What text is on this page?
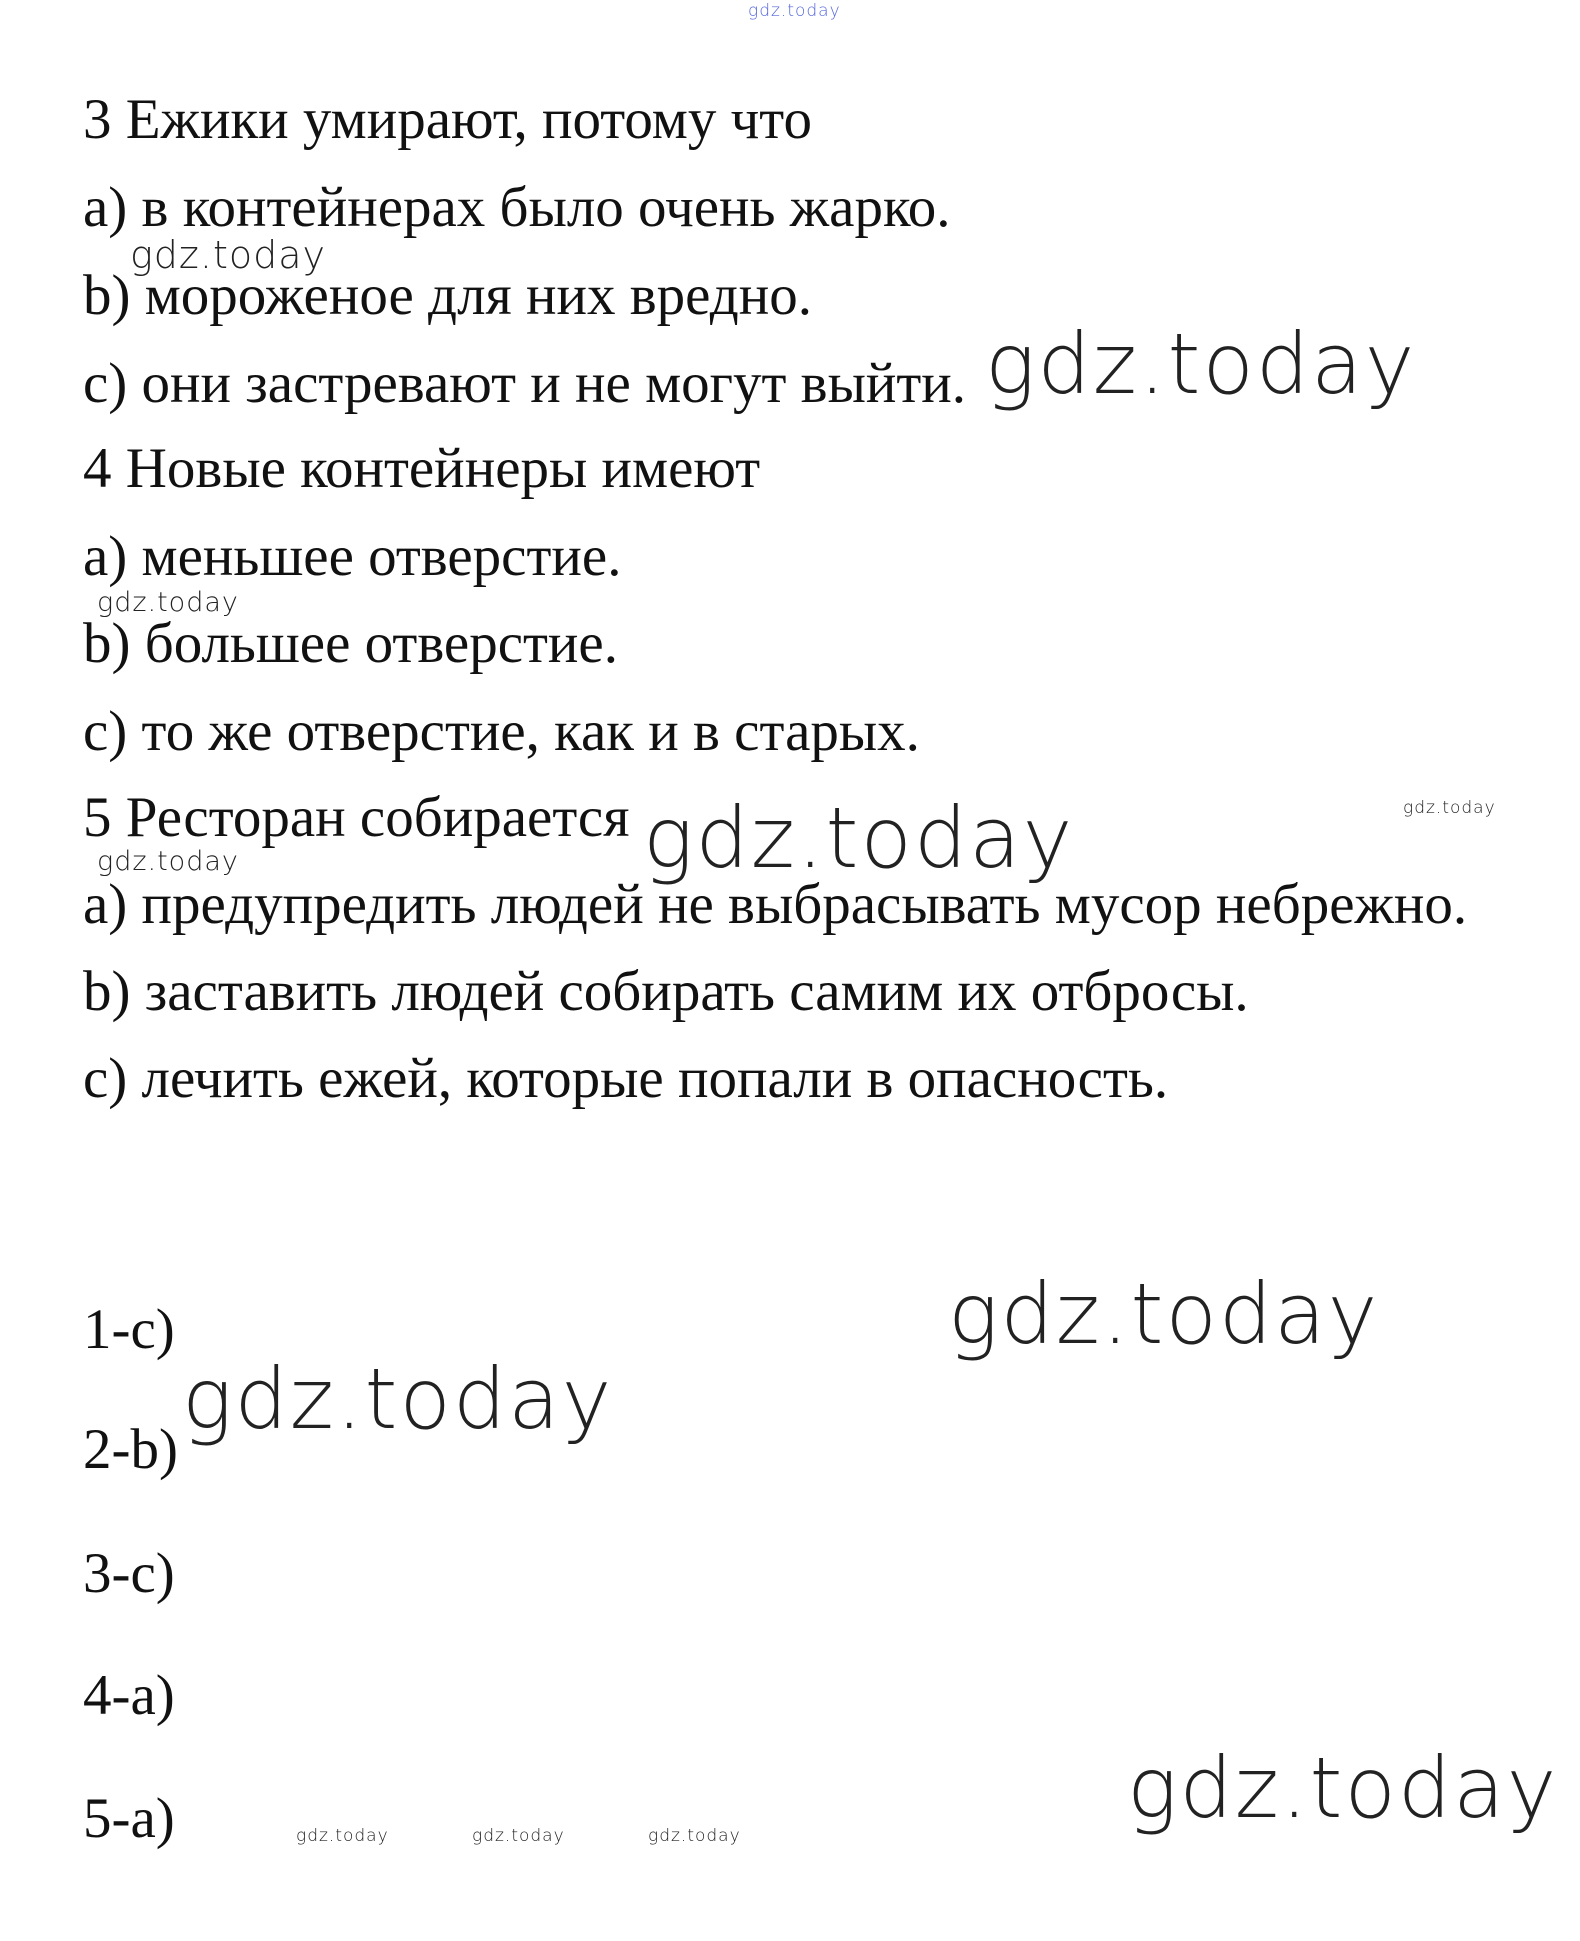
gdz.today
3 Ежики умирают, потому что
a) в контейнерах было очень жарко.
gdz.today
b) мороженое для них вредно.
c) они застревают и не могут выйти. gdz.today
4 Новые контейнеры имеют
a) меньшее отверстие.
gdz.today
b) большее отверстие.
c) то же отверстие, как и в старых.
5 Ресторан собирается gdz.today	gdz.today
gdz.today
a) предупредить людей не выбрасывать мусор небрежно.
b) заставить людей собирать самим их отбросы.
c) лечить ежей, которые попали в опасность.
gdz.today
1-c)
gdz.today
2-b)
3-c)
4-a)
gdz.today
5-a)	gdz.today	gdz.today	gdz.today
